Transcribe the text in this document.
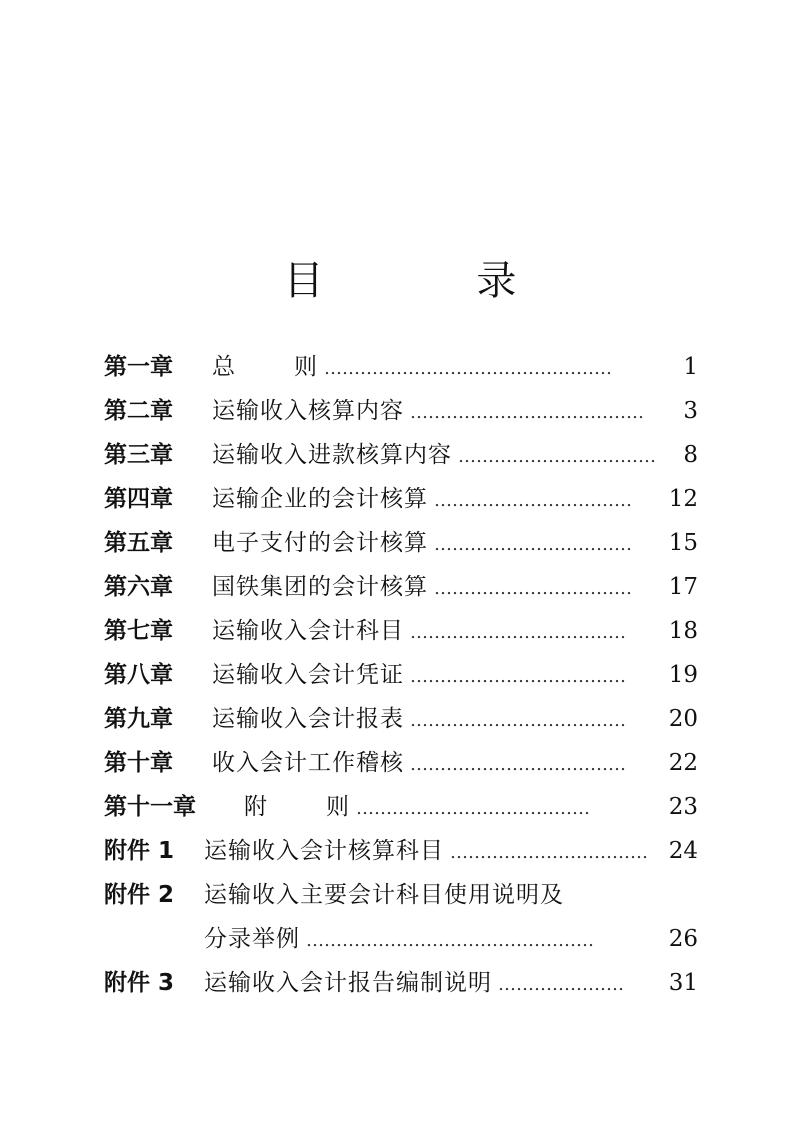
目 录
第一章	总	则 …………………………………………	1
第二章	运输收入核算内容 …………………………………	3
第三章	运输收入进款核算内容 ……………………………	8
第四章	运输企业的会计核算 ……………………………	12
第五章	电子支付的会计核算 ……………………………	15
第六章	国铁集团的会计核算 ……………………………	17
第七章	运输收入会计科目 ………………………………	18
第八章	运输收入会计凭证 ………………………………	19
第九章	运输收入会计报表 ………………………………	20
第十章	收入会计工作稽核 ………………………………	22
第十一章	附	则 …………………………………	23
附件 1	运输收入会计核算科目 …………………………… 24
附件 2	运输收入主要会计科目使用说明及
分录举例 …………………………………………	26
附件 3	运输收入会计报告编制说明 …………………	31
